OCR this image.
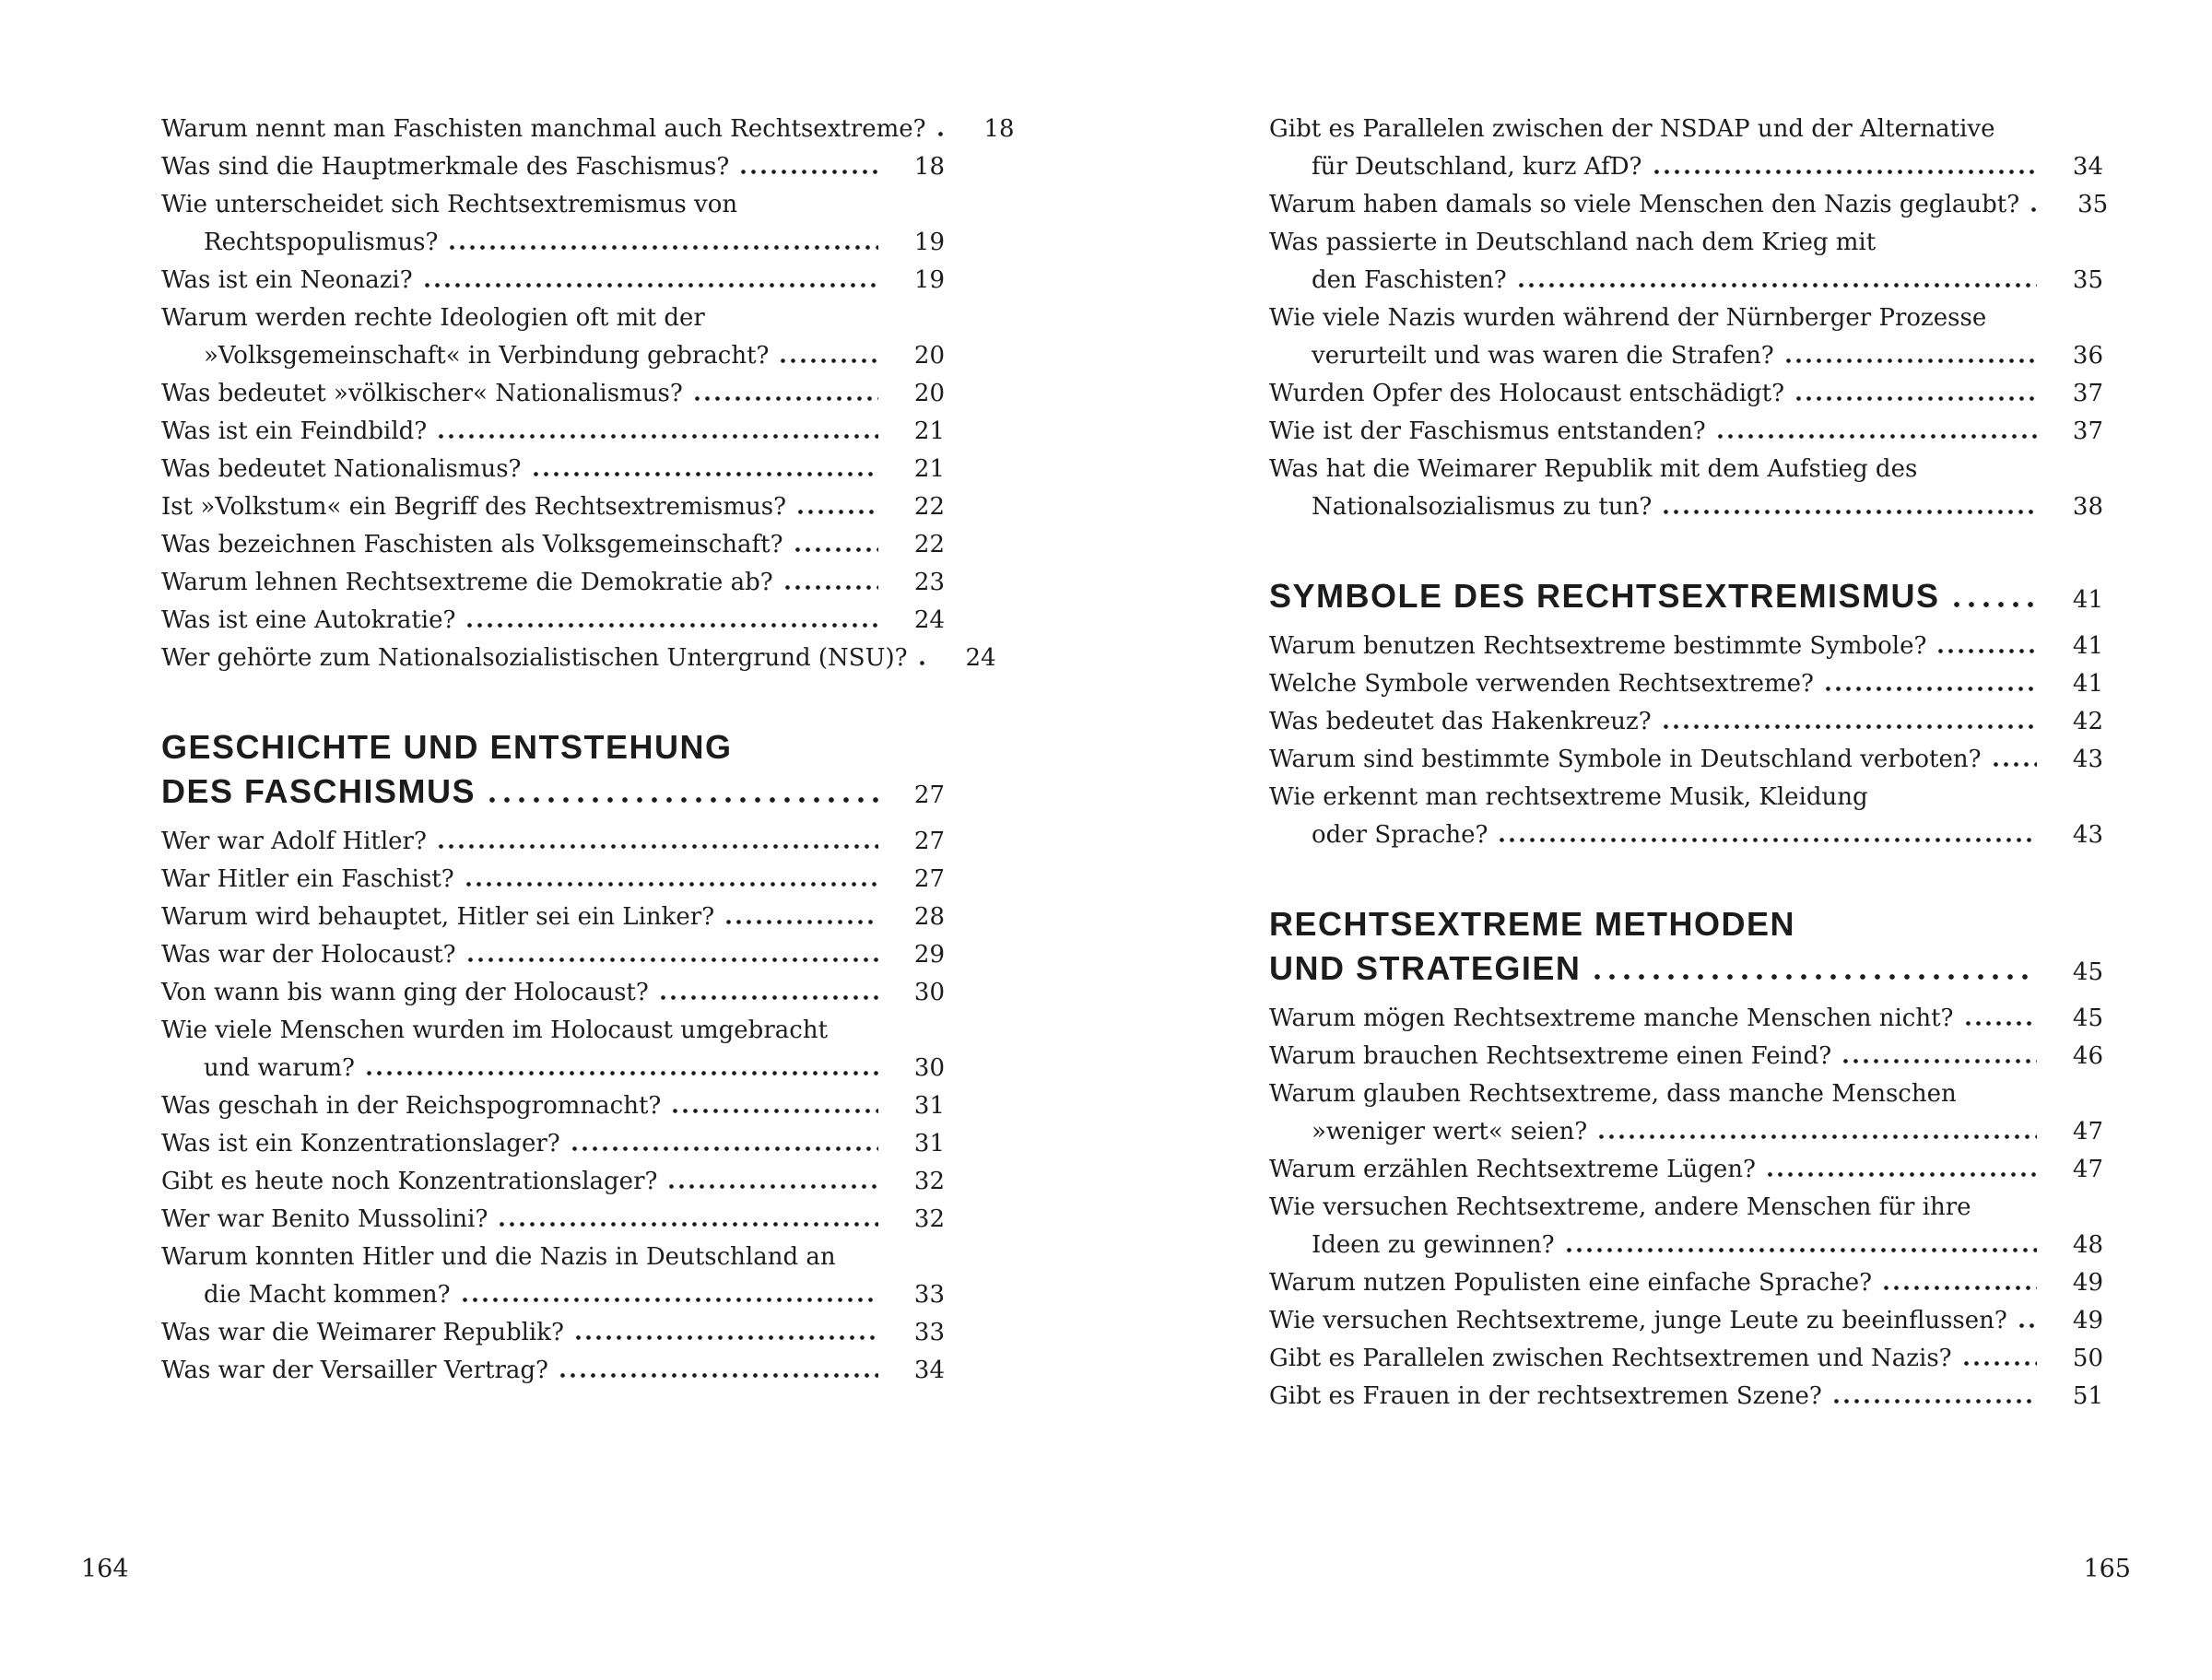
Warum nennt man Faschisten manchmal auch Rechtsextreme?	18
Was sind die Hauptmerkmale des Faschismus?	18
Wie unterscheidet sich Rechtsextremismus von
Rechtspopulismus?	19
Was ist ein Neonazi?	19
Warum werden rechte Ideologien oft mit der
»Volksgemeinschaft« in Verbindung gebracht?	20
Was bedeutet »völkischer« Nationalismus?	20
Was ist ein Feindbild?	21
Was bedeutet Nationalismus?	21
Ist »Volkstum« ein Begriff des Rechtsextremismus?	22
Was bezeichnen Faschisten als Volksgemeinschaft?	22
Warum lehnen Rechtsextreme die Demokratie ab?	23
Was ist eine Autokratie?	24
Wer gehörte zum Nationalsozialistischen Untergrund (NSU)?	24
GESCHICHTE UND ENTSTEHUNG
DES FASCHISMUS	27
Wer war Adolf Hitler?	27
War Hitler ein Faschist?	27
Warum wird behauptet, Hitler sei ein Linker?	28
Was war der Holocaust?	29
Von wann bis wann ging der Holocaust?	30
Wie viele Menschen wurden im Holocaust umgebracht
und warum?	30
Was geschah in der Reichspogromnacht?	31
Was ist ein Konzentrationslager?	31
Gibt es heute noch Konzentrationslager?	32
Wer war Benito Mussolini?	32
Warum konnten Hitler und die Nazis in Deutschland an
die Macht kommen?	33
Was war die Weimarer Republik?	33
Was war der Versailler Vertrag?	34
Gibt es Parallelen zwischen der NSDAP und der Alternative
für Deutschland, kurz AfD?	34
Warum haben damals so viele Menschen den Nazis geglaubt?	35
Was passierte in Deutschland nach dem Krieg mit
den Faschisten?	35
Wie viele Nazis wurden während der Nürnberger Prozesse
verurteilt und was waren die Strafen?	36
Wurden Opfer des Holocaust entschädigt?	37
Wie ist der Faschismus entstanden?	37
Was hat die Weimarer Republik mit dem Aufstieg des
Nationalsozialismus zu tun?	38
SYMBOLE DES RECHTSEXTREMISMUS	41
Warum benutzen Rechtsextreme bestimmte Symbole?	41
Welche Symbole verwenden Rechtsextreme?	41
Was bedeutet das Hakenkreuz?	42
Warum sind bestimmte Symbole in Deutschland verboten?	43
Wie erkennt man rechtsextreme Musik, Kleidung
oder Sprache?	43
RECHTSEXTREME METHODEN
UND STRATEGIEN	45
Warum mögen Rechtsextreme manche Menschen nicht?	45
Warum brauchen Rechtsextreme einen Feind?	46
Warum glauben Rechtsextreme, dass manche Menschen
»weniger wert« seien?	47
Warum erzählen Rechtsextreme Lügen?	47
Wie versuchen Rechtsextreme, andere Menschen für ihre
Ideen zu gewinnen?	48
Warum nutzen Populisten eine einfache Sprache?	49
Wie versuchen Rechtsextreme, junge Leute zu beeinflussen?	49
Gibt es Parallelen zwischen Rechtsextremen und Nazis?	50
Gibt es Frauen in der rechtsextremen Szene?	51
164	165
